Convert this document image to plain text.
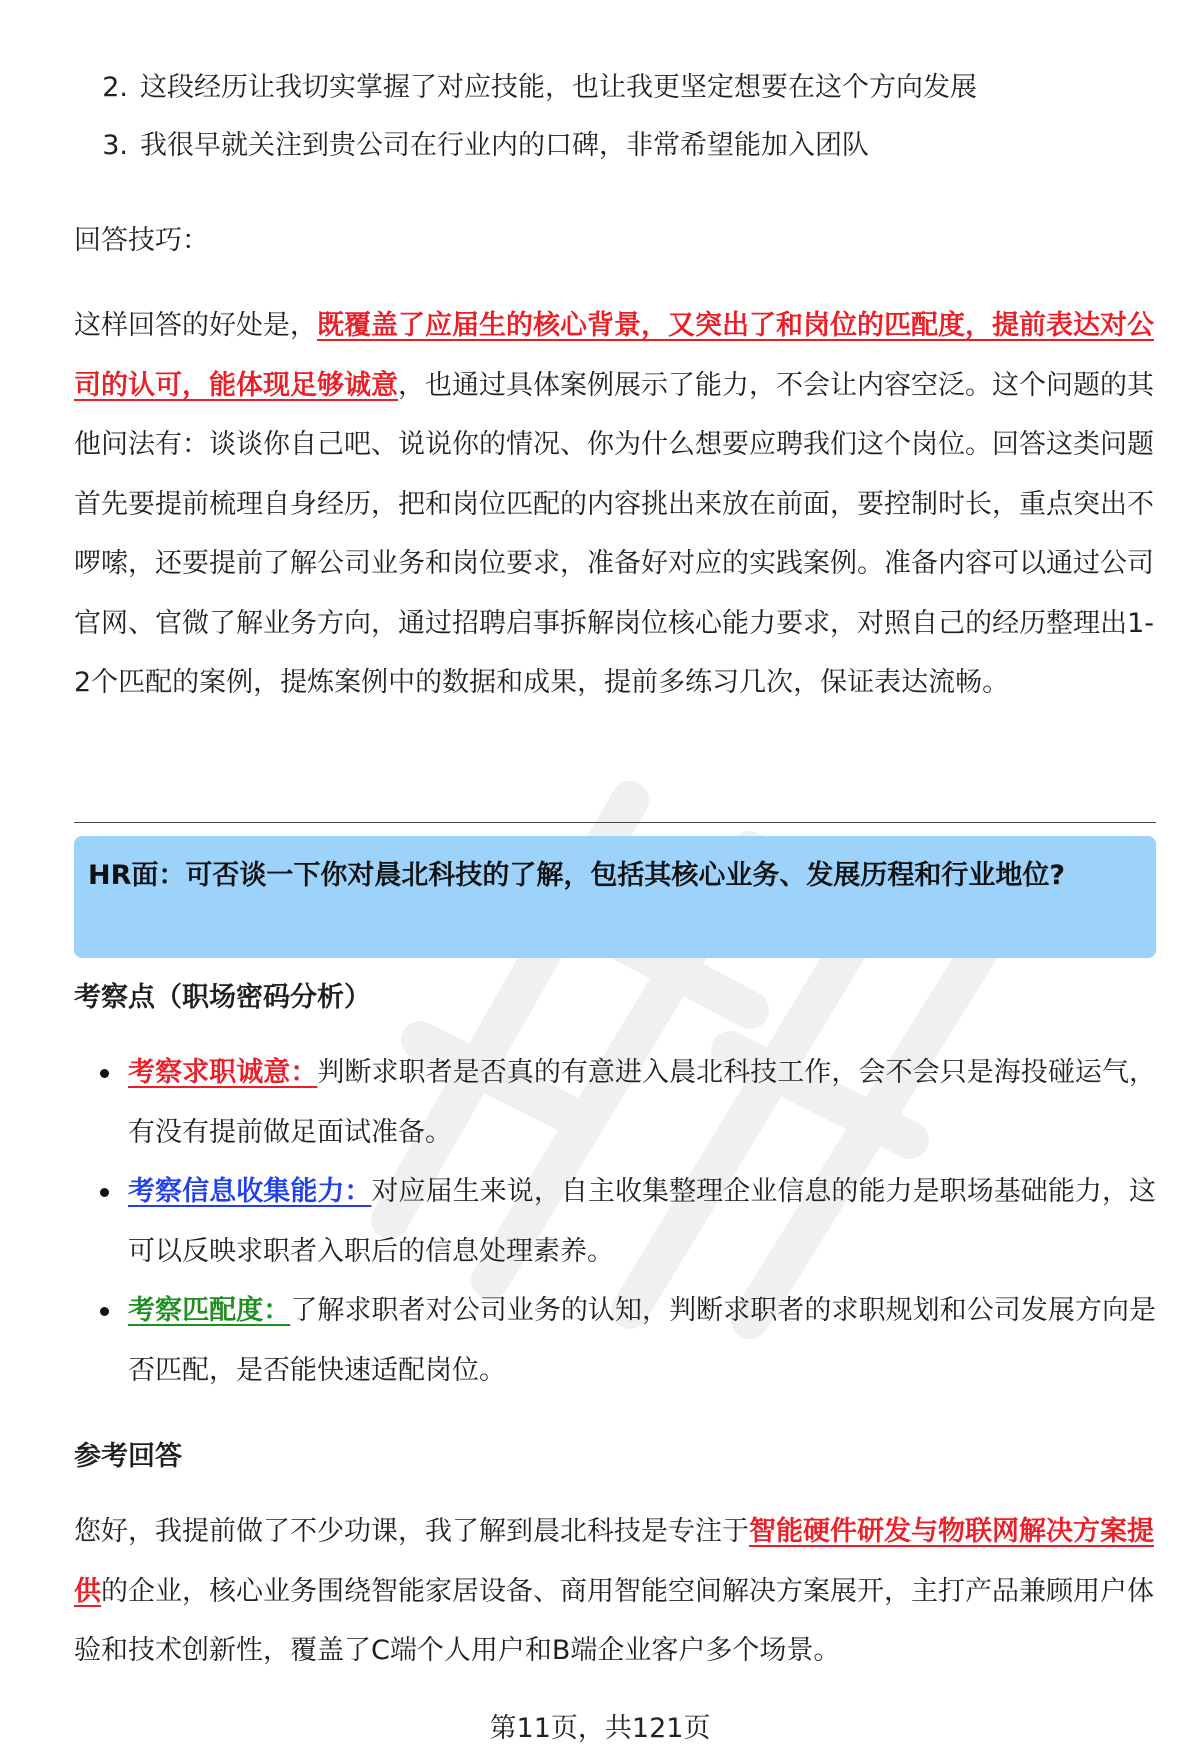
2. 这段经历让我切实掌握了对应技能，也让我更坚定想要在这个方向发展
3. 我很早就关注到贵公司在行业内的口碑，非常希望能加入团队
回答技巧：
这样回答的好处是，既覆盖了应届生的核心背景，又突出了和岗位的匹配度，提前表达对公司的认可，能体现足够诚意，也通过具体案例展示了能力，不会让内容空泛。这个问题的其他问法有：谈谈你自己吧、说说你的情况、你为什么想要应聘我们这个岗位。回答这类问题首先要提前梳理自身经历，把和岗位匹配的内容挑出来放在前面，要控制时长，重点突出不啰嗦，还要提前了解公司业务和岗位要求，准备好对应的实践案例。准备内容可以通过公司官网、官微了解业务方向，通过招聘启事拆解岗位核心能力要求，对照自己的经历整理出1-2个匹配的案例，提炼案例中的数据和成果，提前多练习几次，保证表达流畅。
HR面：可否谈一下你对晨北科技的了解，包括其核心业务、发展历程和行业地位?
考察点（职场密码分析）
考察求职诚意：判断求职者是否真的有意进入晨北科技工作，会不会只是海投碰运气，有没有提前做足面试准备。
考察信息收集能力：对应届生来说，自主收集整理企业信息的能力是职场基础能力，这可以反映求职者入职后的信息处理素养。
考察匹配度：了解求职者对公司业务的认知，判断求职者的求职规划和公司发展方向是否匹配，是否能快速适配岗位。
参考回答
您好，我提前做了不少功课，我了解到晨北科技是专注于智能硬件研发与物联网解决方案提供的企业，核心业务围绕智能家居设备、商用智能空间解决方案展开，主打产品兼顾用户体验和技术创新性，覆盖了C端个人用户和B端企业客户多个场景。
第11页，共121页
